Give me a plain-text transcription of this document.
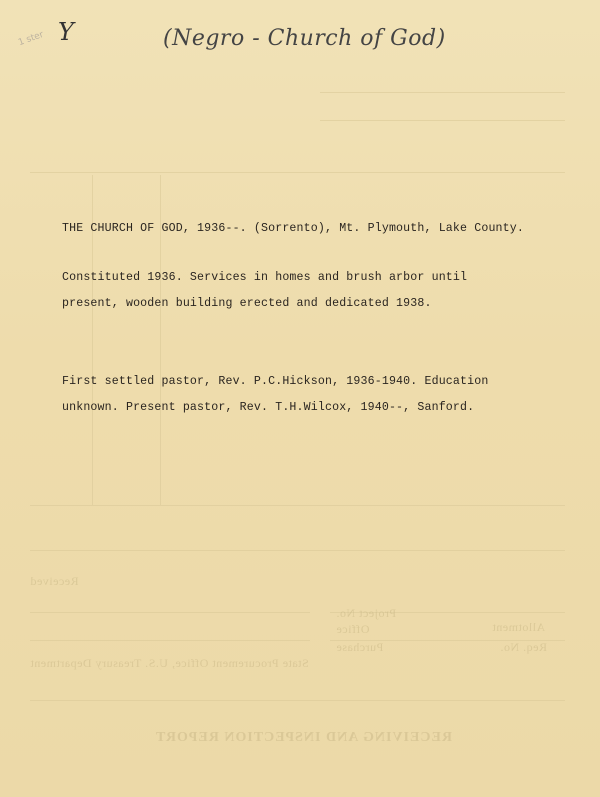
Purchase
Office
Project No.
Allotment
Req. No.
Received
State Procurement Office, U.S. Treasury Department
RECEIVING AND INSPECTION REPORT
1 ster Y	(Negro - Church of God)
THE CHURCH OF GOD, 1936--. (Sorrento), Mt. Plymouth, Lake County.
Constituted 1936. Services in homes and brush arbor until
present, wooden building erected and dedicated 1938.
First settled pastor, Rev. P.C.Hickson, 1936-1940. Education
unknown. Present pastor, Rev. T.H.Wilcox, 1940--, Sanford.
